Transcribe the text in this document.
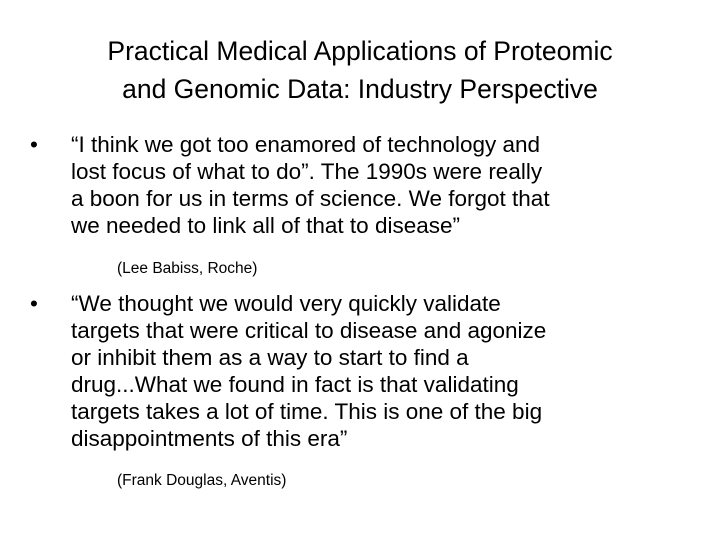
Practical Medical Applications of Proteomic
and Genomic Data: Industry Perspective
•	“I think we got too enamored of technology and
lost focus of what to do”. The 1990s were really
a boon for us in terms of science. We forgot that
we needed to link all of that to disease”
(Lee Babiss, Roche)
•	“We thought we would very quickly validate
targets that were critical to disease and agonize
or inhibit them as a way to start to find a
drug...What we found in fact is that validating
targets takes a lot of time. This is one of the big
disappointments of this era”
(Frank Douglas, Aventis)
